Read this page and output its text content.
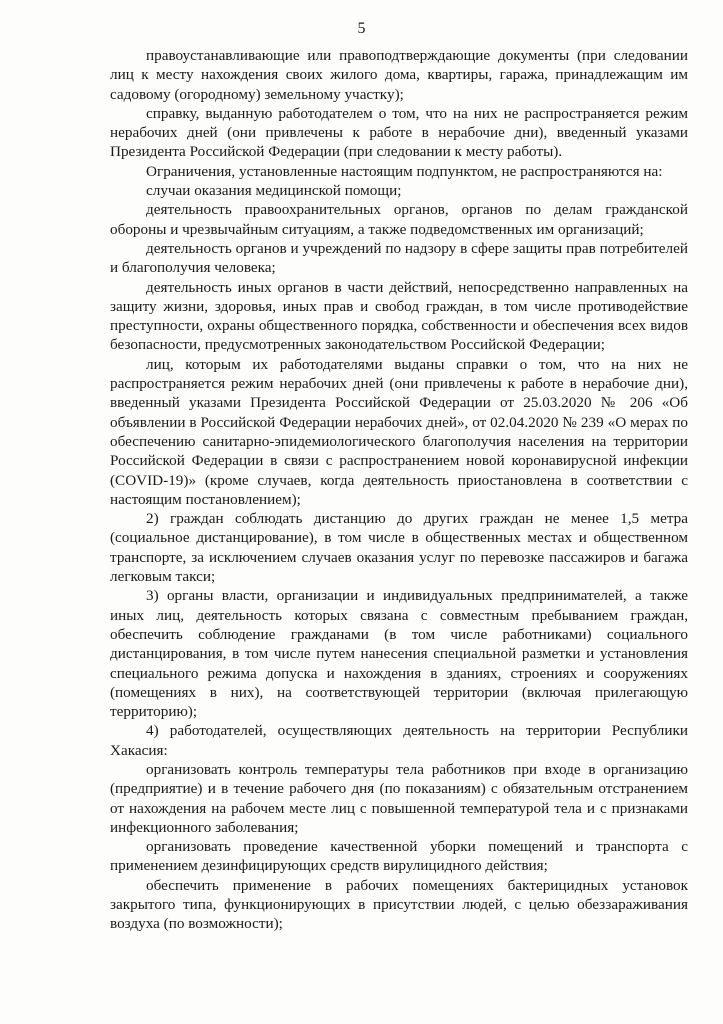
5

правоустанавливающие или правоподтверждающие документы (при следовании лиц к месту нахождения своих жилого дома, квартиры, гаража, принадлежащим им садовому (огородному) земельному участку);

справку, выданную работодателем о том, что на них не распространяется режим нерабочих дней (они привлечены к работе в нерабочие дни), введенный указами Президента Российской Федерации (при следовании к месту работы).

Ограничения, установленные настоящим подпунктом, не распространяются на:

случаи оказания медицинской помощи;

деятельность правоохранительных органов, органов по делам гражданской обороны и чрезвычайным ситуациям, а также подведомственных им организаций;

деятельность органов и учреждений по надзору в сфере защиты прав потребителей и благополучия человека;

деятельность иных органов в части действий, непосредственно направленных на защиту жизни, здоровья, иных прав и свобод граждан, в том числе противодействие преступности, охраны общественного порядка, собственности и обеспечения всех видов безопасности, предусмотренных законодательством Российской Федерации;

лиц, которым их работодателями выданы справки о том, что на них не распространяется режим нерабочих дней (они привлечены к работе в нерабочие дни), введенный указами Президента Российской Федерации от 25.03.2020 № 206 «Об объявлении в Российской Федерации нерабочих дней», от 02.04.2020 № 239 «О мерах по обеспечению санитарно-эпидемиологического благополучия населения на территории Российской Федерации в связи с распространением новой коронавирусной инфекции (COVID-19)» (кроме случаев, когда деятельность приостановлена в соответствии с настоящим постановлением);

2) граждан соблюдать дистанцию до других граждан не менее 1,5 метра (социальное дистанцирование), в том числе в общественных местах и общественном транспорте, за исключением случаев оказания услуг по перевозке пассажиров и багажа легковым такси;

3) органы власти, организации и индивидуальных предпринимателей, а также иных лиц, деятельность которых связана с совместным пребыванием граждан, обеспечить соблюдение гражданами (в том числе работниками) социального дистанцирования, в том числе путем нанесения специальной разметки и установления специального режима допуска и нахождения в зданиях, строениях и сооружениях (помещениях в них), на соответствующей территории (включая прилегающую территорию);

4) работодателей, осуществляющих деятельность на территории Республики Хакасия:

организовать контроль температуры тела работников при входе в организацию (предприятие) и в течение рабочего дня (по показаниям) с обязательным отстранением от нахождения на рабочем месте лиц с повышенной температурой тела и с признаками инфекционного заболевания;

организовать проведение качественной уборки помещений и транспорта с применением дезинфицирующих средств вирулицидного действия;

обеспечить применение в рабочих помещениях бактерицидных установок закрытого типа, функционирующих в присутствии людей, с целью обеззараживания воздуха (по возможности);
